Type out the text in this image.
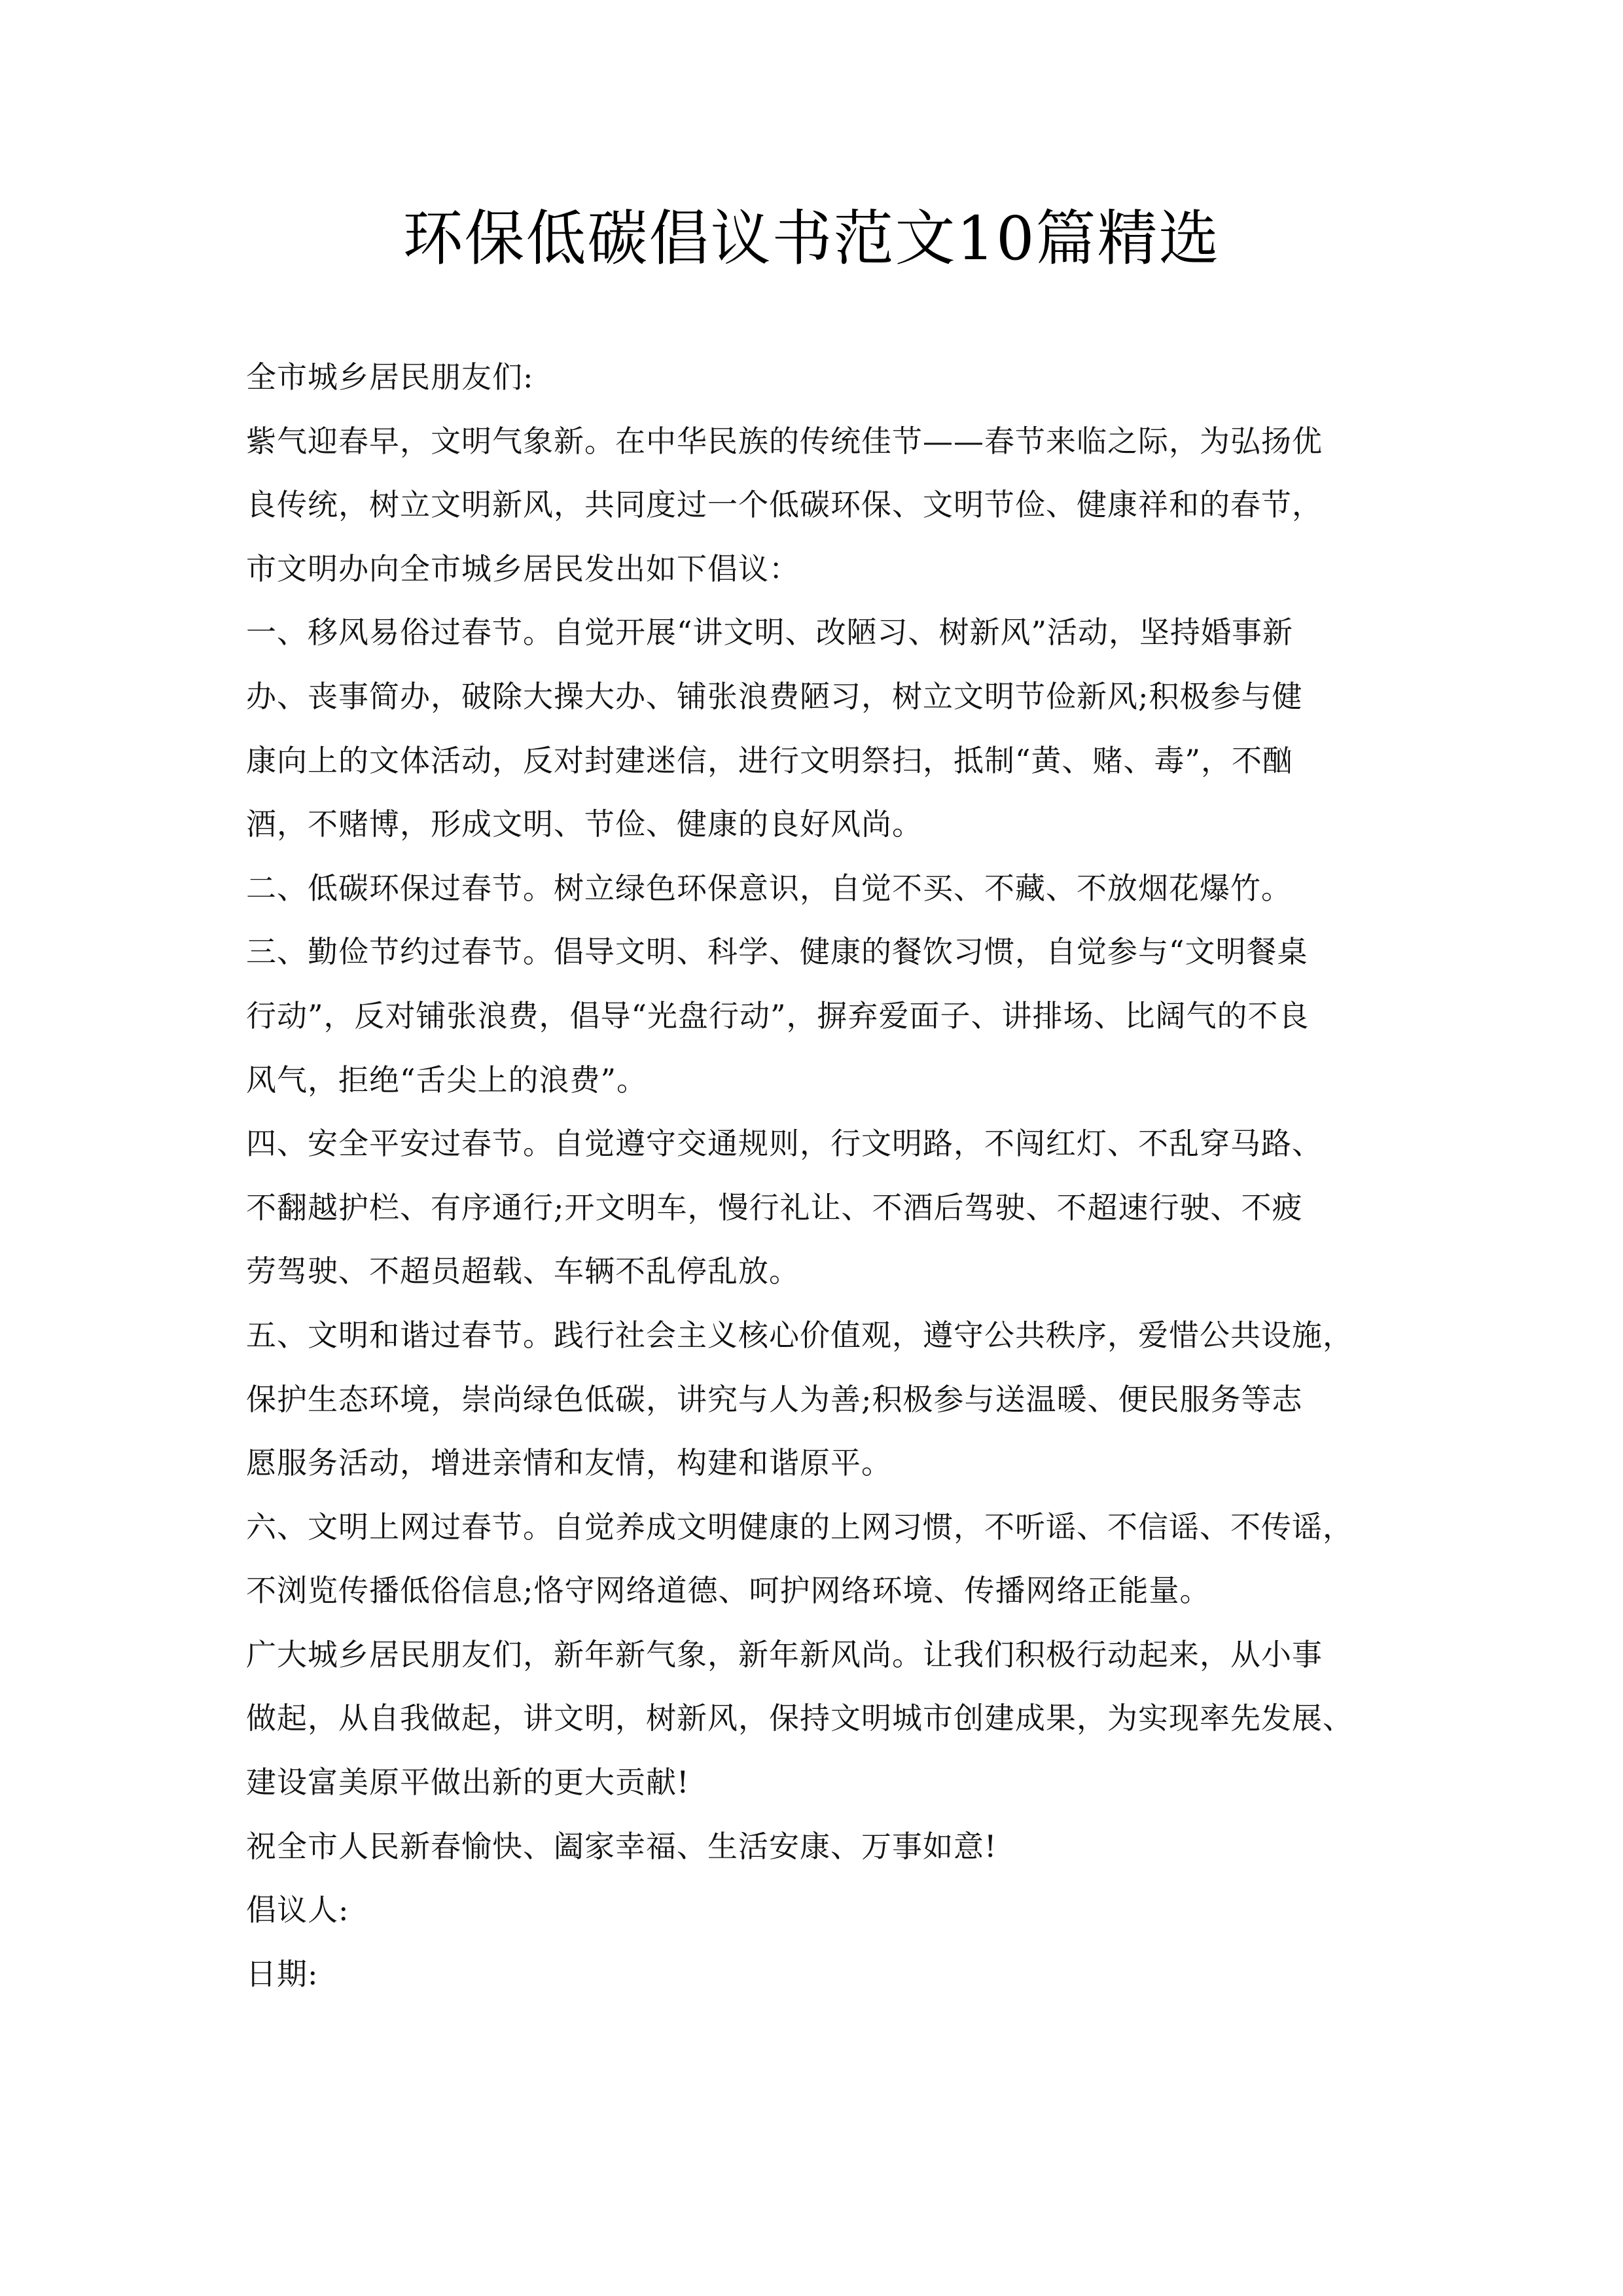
环保低碳倡议书范文10篇精选
全市城乡居民朋友们:
紫气迎春早，文明气象新。在中华民族的传统佳节——春节来临之际，为弘扬优
良传统，树立文明新风，共同度过一个低碳环保、文明节俭、健康祥和的春节，
市文明办向全市城乡居民发出如下倡议：
一、移风易俗过春节。自觉开展“讲文明、改陋习、树新风”活动，坚持婚事新
办、丧事简办，破除大操大办、铺张浪费陋习，树立文明节俭新风;积极参与健
康向上的文体活动，反对封建迷信，进行文明祭扫，抵制“黄、赌、毒”，不酗
酒，不赌博，形成文明、节俭、健康的良好风尚。
二、低碳环保过春节。树立绿色环保意识，自觉不买、不藏、不放烟花爆竹。
三、勤俭节约过春节。倡导文明、科学、健康的餐饮习惯，自觉参与“文明餐桌
行动”，反对铺张浪费，倡导“光盘行动”，摒弃爱面子、讲排场、比阔气的不良
风气，拒绝“舌尖上的浪费”。
四、安全平安过春节。自觉遵守交通规则，行文明路，不闯红灯、不乱穿马路、
不翻越护栏、有序通行;开文明车，慢行礼让、不酒后驾驶、不超速行驶、不疲
劳驾驶、不超员超载、车辆不乱停乱放。
五、文明和谐过春节。践行社会主义核心价值观，遵守公共秩序，爱惜公共设施，
保护生态环境，崇尚绿色低碳，讲究与人为善;积极参与送温暖、便民服务等志
愿服务活动，增进亲情和友情，构建和谐原平。
六、文明上网过春节。自觉养成文明健康的上网习惯，不听谣、不信谣、不传谣，
不浏览传播低俗信息;恪守网络道德、呵护网络环境、传播网络正能量。
广大城乡居民朋友们，新年新气象，新年新风尚。让我们积极行动起来，从小事
做起，从自我做起，讲文明，树新风，保持文明城市创建成果，为实现率先发展、
建设富美原平做出新的更大贡献!
祝全市人民新春愉快、阖家幸福、生活安康、万事如意!
倡议人:
日期:
